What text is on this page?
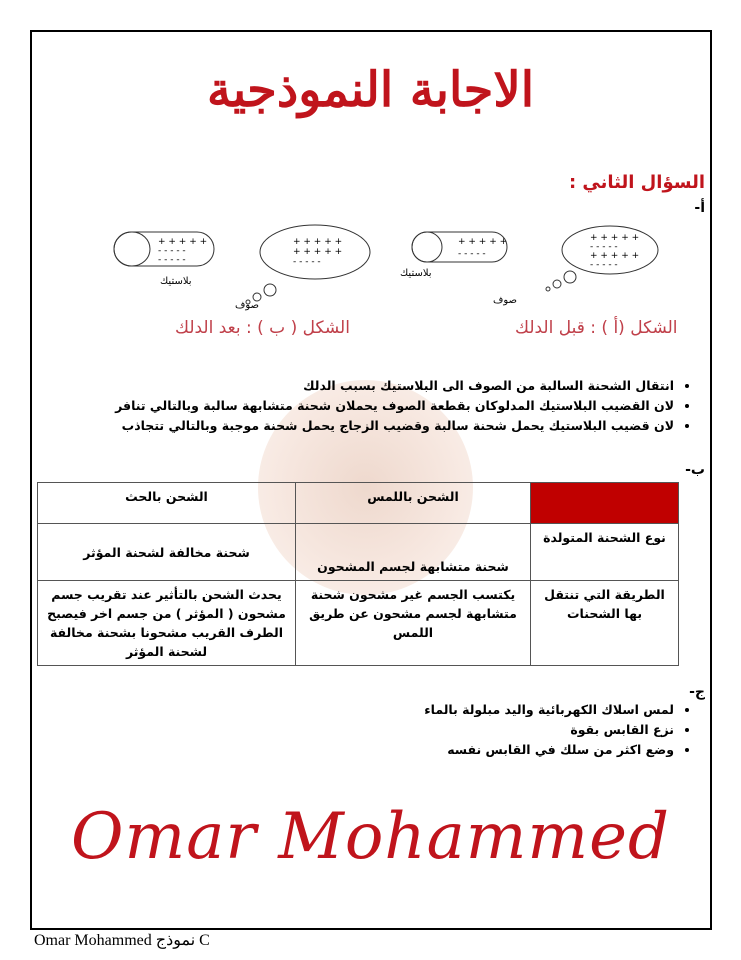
الاجابة النموذجية
السؤال الثاني :
أ-
+ + + + +
- - - - -
- - - - -
+ + + + +
+ + + + +
- - - - -
+ + + + +
- - - - -
+ + + + +
- - - - -
+ + + + +
- - - - -
بلاستيك
صوف
بلاستيك
صوف
الشكل ( ب ) : بعد الدلك	الشكل (أ ) : قبل الدلك
• انتقال الشحنة السالبة من الصوف الى البلاستيك بسبب الدلك
• لان القضيب البلاستيك المدلوكان بقطعة الصوف يحملان شحنة متشابهة سالبة وبالتالي تنافر
• لان قضيب البلاستيك يحمل شحنة سالبة وقضيب الزجاج يحمل شحنة موجبة وبالتالي تتجاذب
ب-
	الشحن باللمس	الشحن بالحث
نوع الشحنة المتولدة	شحنة متشابهة لجسم المشحون	شحنة مخالفة لشحنة المؤثر
الطريقة التي تنتقل بها الشحنات	يكتسب الجسم غير مشحون شحنة متشابهة لجسم مشحون عن طريق اللمس	يحدث الشحن بالتأثير عند تقريب جسم مشحون ( المؤثر ) من جسم اخر فيصبح الطرف القريب مشحونا بشحنة مخالفة لشحنة المؤثر
ج-
• لمس اسلاك الكهربائية واليد مبلولة بالماء
• نزع القابس بقوة
• وضع اكثر من سلك في القابس نفسه
Omar Mohammed
Omar Mohammed نموذج C
